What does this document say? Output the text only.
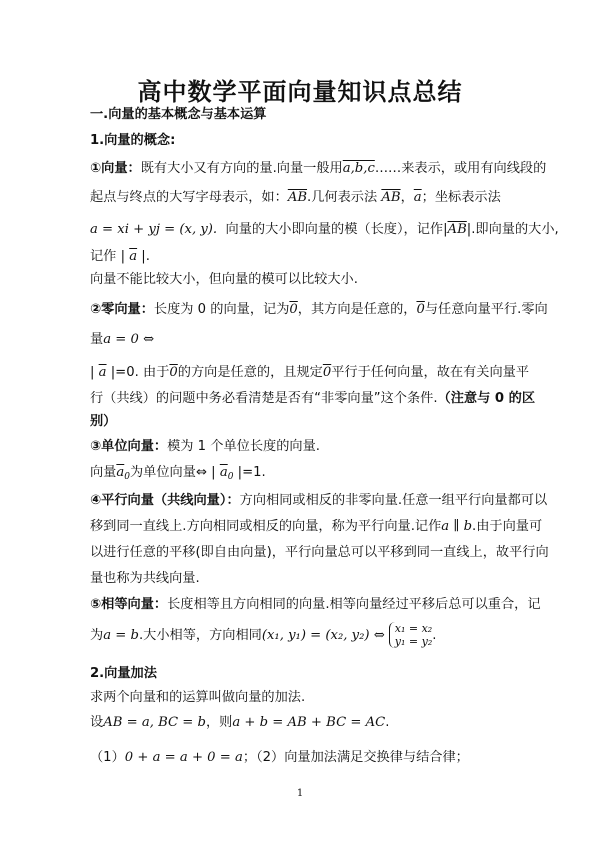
高中数学平面向量知识点总结
一.向量的基本概念与基本运算
1.向量的概念:
①向量：既有大小又有方向的量.向量一般用a,b,c……来表示，或用有向线段的
起点与终点的大写字母表示，如：$\overline{AB}$.几何表示法 $\overline{AB}$，$\overline{a}$；坐标表示法
a = xi + yj = (x, y). 向量的大小即向量的模（长度），记作$|\overline{AB}|$.即向量的大小,
记作 | $\overline{a}$ |.
向量不能比较大小，但向量的模可以比较大小.
②零向量：长度为 0 的向量，记为0，其方向是任意的，0与任意向量平行.零向
量a = 0 ⇔
| $\overline{a}$ |=0. 由于0的方向是任意的，且规定0平行于任何向量，故在有关向量平
行（共线）的问题中务必看清楚是否有“非零向量”这个条件.（注意与 0 的区
别）
③单位向量：模为 1 个单位长度的向量.
向量$\overline{a}_0$为单位向量⇔ | $\overline{a}_0$ |=1.
④平行向量（共线向量）：方向相同或相反的非零向量.任意一组平行向量都可以
移到同一直线上.方向相同或相反的向量，称为平行向量.记作a ∥ b.由于向量可
以进行任意的平移(即自由向量)，平行向量总可以平移到同一直线上，故平行向
量也称为共线向量.
⑤相等向量：长度相等且方向相同的向量.相等向量经过平移后总可以重合，记
为a = b.大小相等，方向相同(x₁, y₁) = (x₂, y₂) ⇔ x₁ = x₂
y₁ = y₂.
2.向量加法
求两个向量和的运算叫做向量的加法.
设AB = a, BC = b，则a + b = AB + BC = AC.
（1）0 + a = a + 0 = a；（2）向量加法满足交换律与结合律；
1
